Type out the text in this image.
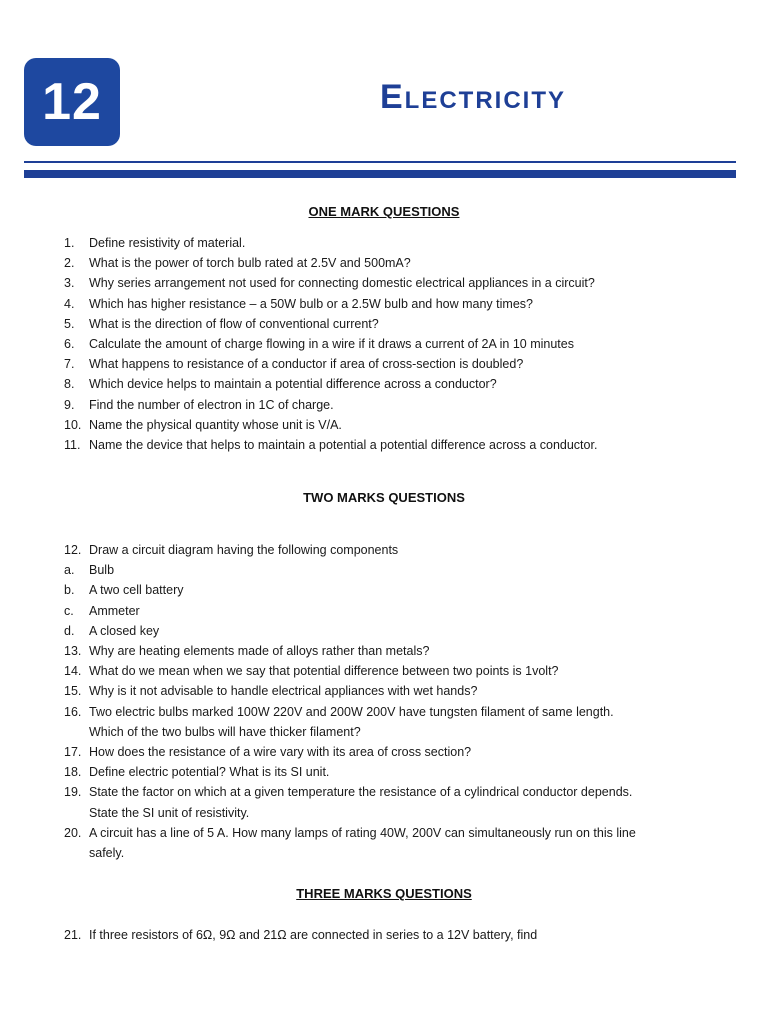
12	Electricity
ONE MARK QUESTIONS
1.	Define resistivity of material.
2.	What is the power of torch bulb rated at 2.5V and 500mA?
3.	Why series arrangement not used for connecting domestic electrical appliances in a circuit?
4.	Which has higher resistance – a 50W bulb or a 2.5W bulb and how many times?
5.	What is the direction of flow of conventional current?
6.	Calculate the amount of charge flowing in a wire if it draws a current of 2A in 10 minutes
7.	What happens to resistance of a conductor if area of cross-section is doubled?
8.	Which device helps to maintain a potential difference across a conductor?
9.	Find the number of electron in 1C of charge.
10. Name the physical quantity whose unit is V/A.
11. Name the device that helps to maintain a potential a potential difference across a conductor.
TWO MARKS QUESTIONS
12. Draw a circuit diagram having the following components
a.	Bulb
b.	A two cell battery
c.	Ammeter
d.	A closed key
13. Why are heating elements made of alloys rather than metals?
14. What do we mean when we say that potential difference between two points is 1volt?
15. Why is it not advisable to handle electrical appliances with wet hands?
16. Two electric bulbs marked 100W 220V and 200W 200V have tungsten filament of same length.
Which of the two bulbs will have thicker filament?
17. How does the resistance of a wire vary with its area of cross section?
18. Define electric potential? What is its SI unit.
19. State the factor on which at a given temperature the resistance of a cylindrical conductor depends.
State the SI unit of resistivity.
20. A circuit has a line of 5 A. How many lamps of rating 40W, 200V can simultaneously run on this line
safely.
THREE MARKS QUESTIONS
21. If three resistors of 6Ω, 9Ω and 21Ω are connected in series to a 12V battery, find
